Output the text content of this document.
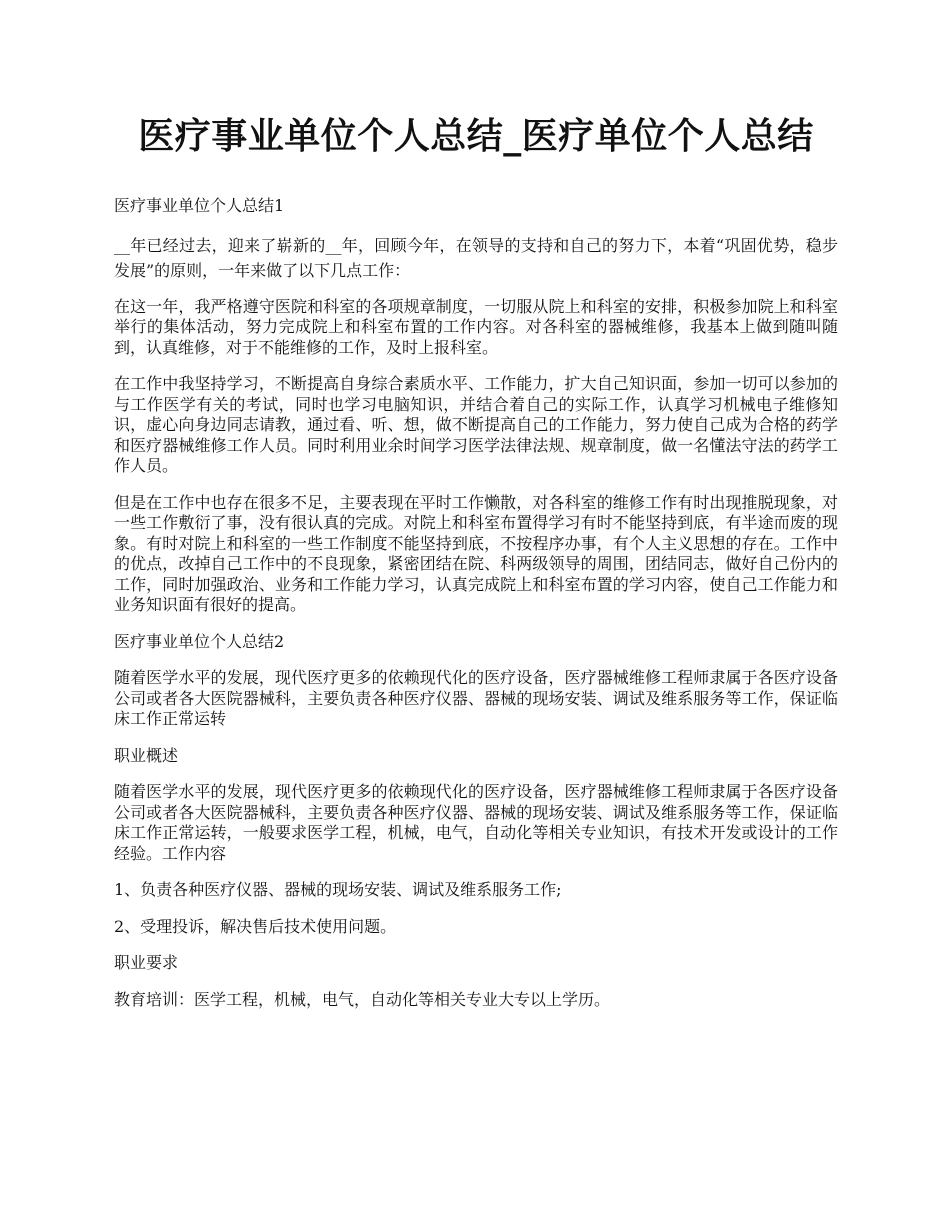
医疗事业单位个人总结_医疗单位个人总结

医疗事业单位个人总结1

__年已经过去，迎来了崭新的__年，回顾今年，在领导的支持和自己的努力下，本着“巩固优势，稳步发展”的原则，一年来做了以下几点工作：

在这一年，我严格遵守医院和科室的各项规章制度，一切服从院上和科室的安排，积极参加院上和科室举行的集体活动，努力完成院上和科室布置的工作内容。对各科室的器械维修，我基本上做到随叫随到，认真维修，对于不能维修的工作，及时上报科室。

在工作中我坚持学习，不断提高自身综合素质水平、工作能力，扩大自己知识面，参加一切可以参加的与工作医学有关的考试，同时也学习电脑知识，并结合着自己的实际工作，认真学习机械电子维修知识，虚心向身边同志请教，通过看、听、想，做不断提高自己的工作能力，努力使自己成为合格的药学和医疗器械维修工作人员。同时利用业余时间学习医学法律法规、规章制度，做一名懂法守法的药学工作人员。

但是在工作中也存在很多不足，主要表现在平时工作懒散，对各科室的维修工作有时出现推脱现象，对一些工作敷衍了事，没有很认真的完成。对院上和科室布置得学习有时不能坚持到底，有半途而废的现象。有时对院上和科室的一些工作制度不能坚持到底，不按程序办事，有个人主义思想的存在。工作中的优点，改掉自己工作中的不良现象，紧密团结在院、科两级领导的周围，团结同志，做好自己份内的工作，同时加强政治、业务和工作能力学习，认真完成院上和科室布置的学习内容，使自己工作能力和业务知识面有很好的提高。

医疗事业单位个人总结2

随着医学水平的发展，现代医疗更多的依赖现代化的医疗设备，医疗器械维修工程师隶属于各医疗设备公司或者各大医院器械科，主要负责各种医疗仪器、器械的现场安装、调试及维系服务等工作，保证临床工作正常运转

职业概述

随着医学水平的发展，现代医疗更多的依赖现代化的医疗设备，医疗器械维修工程师隶属于各医疗设备公司或者各大医院器械科，主要负责各种医疗仪器、器械的现场安装、调试及维系服务等工作，保证临床工作正常运转，一般要求医学工程，机械，电气，自动化等相关专业知识，有技术开发或设计的工作经验。工作内容

1、负责各种医疗仪器、器械的现场安装、调试及维系服务工作;

2、受理投诉，解决售后技术使用问题。

职业要求

教育培训：医学工程，机械，电气，自动化等相关专业大专以上学历。
